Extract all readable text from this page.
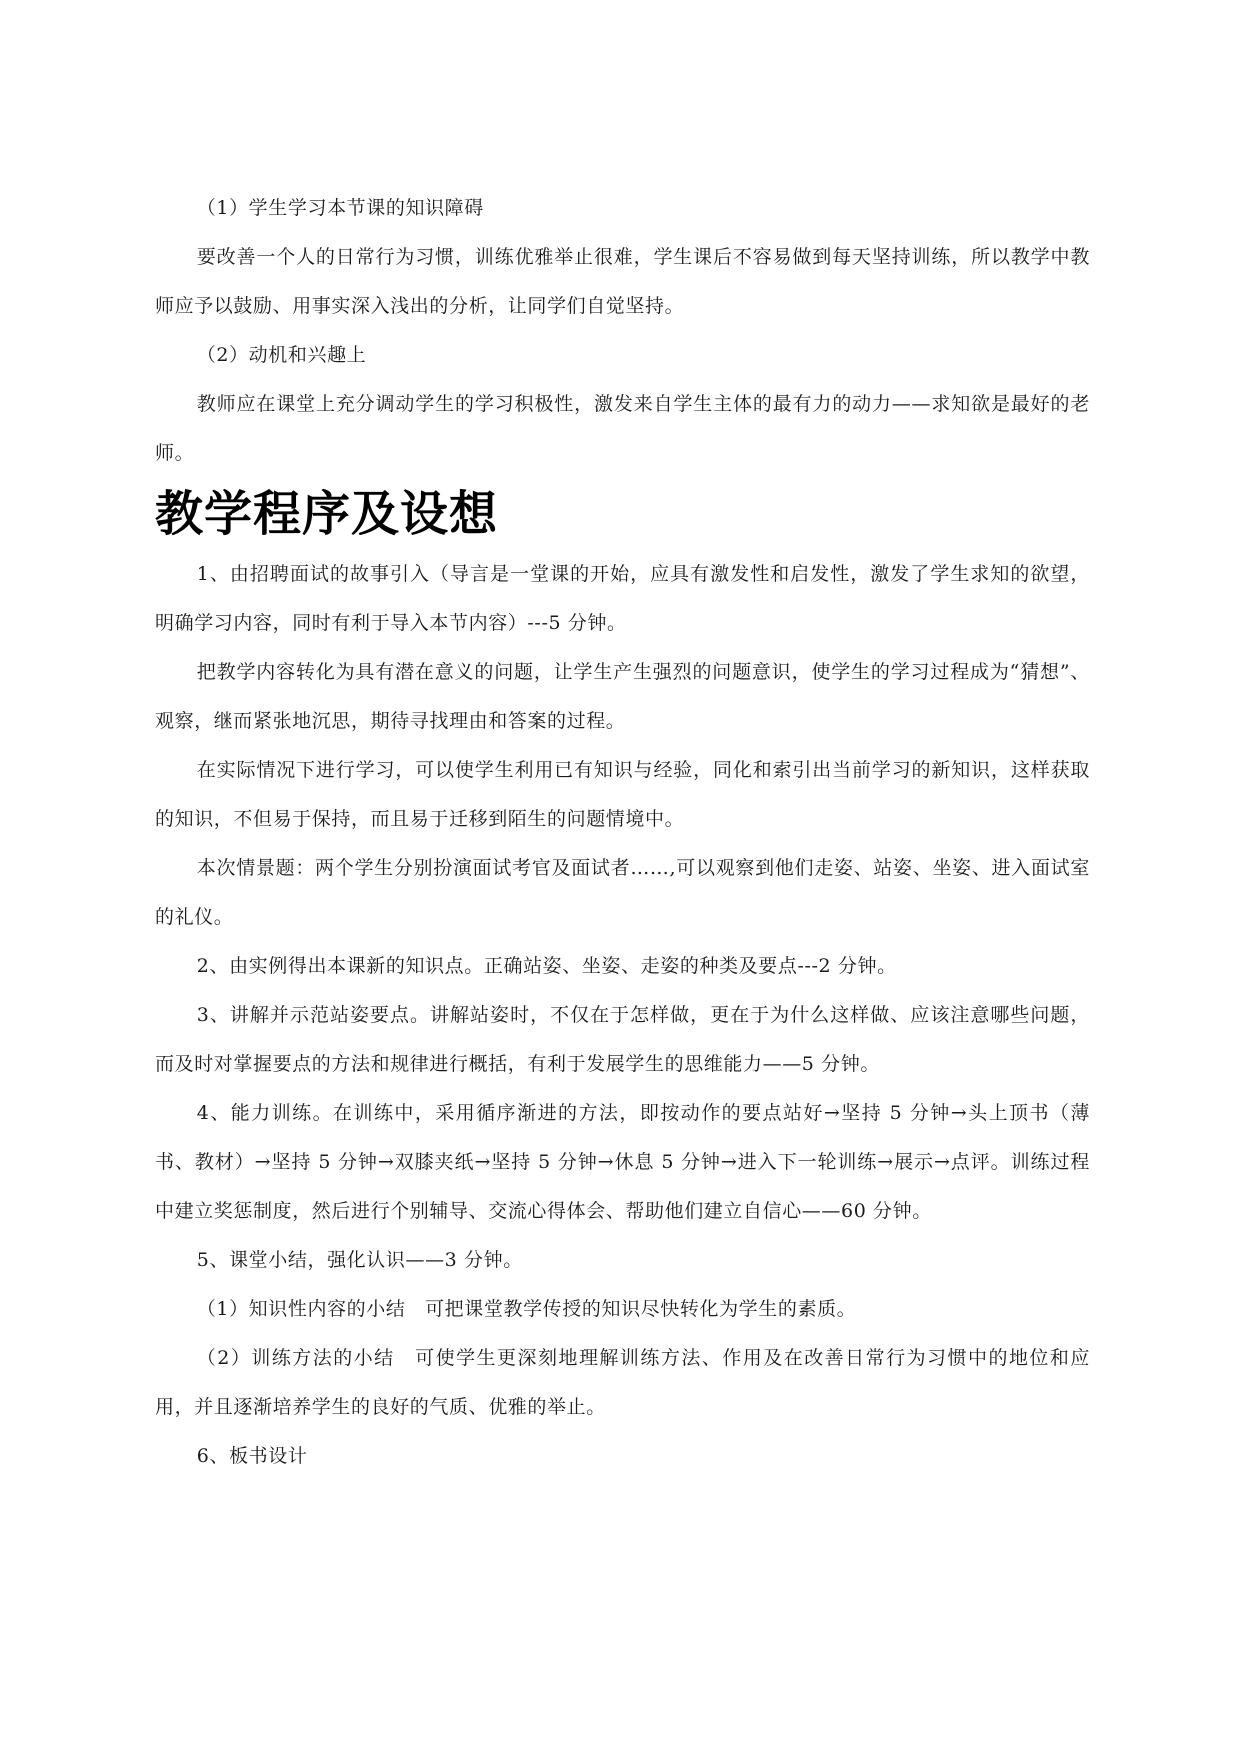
（1）学生学习本节课的知识障碍

要改善一个人的日常行为习惯，训练优雅举止很难，学生课后不容易做到每天坚持训练，所以教学中教师应予以鼓励、用事实深入浅出的分析，让同学们自觉坚持。

（2）动机和兴趣上

教师应在课堂上充分调动学生的学习积极性，激发来自学生主体的最有力的动力——求知欲是最好的老师。

教学程序及设想

1、由招聘面试的故事引入（导言是一堂课的开始，应具有激发性和启发性，激发了学生求知的欲望，明确学习内容，同时有利于导入本节内容）---5 分钟。

把教学内容转化为具有潜在意义的问题，让学生产生强烈的问题意识，使学生的学习过程成为“猜想”、观察，继而紧张地沉思，期待寻找理由和答案的过程。

在实际情况下进行学习，可以使学生利用已有知识与经验，同化和索引出当前学习的新知识，这样获取的知识，不但易于保持，而且易于迁移到陌生的问题情境中。

本次情景题：两个学生分别扮演面试考官及面试者……,可以观察到他们走姿、站姿、坐姿、进入面试室的礼仪。

2、由实例得出本课新的知识点。正确站姿、坐姿、走姿的种类及要点---2 分钟。

3、讲解并示范站姿要点。讲解站姿时，不仅在于怎样做，更在于为什么这样做、应该注意哪些问题，而及时对掌握要点的方法和规律进行概括，有利于发展学生的思维能力——5 分钟。

4、能力训练。在训练中，采用循序渐进的方法，即按动作的要点站好→坚持 5 分钟→头上顶书（薄书、教材）→坚持 5 分钟→双膝夹纸→坚持 5 分钟→休息 5 分钟→进入下一轮训练→展示→点评。训练过程中建立奖惩制度，然后进行个别辅导、交流心得体会、帮助他们建立自信心——60 分钟。

5、课堂小结，强化认识——3 分钟。

（1）知识性内容的小结　可把课堂教学传授的知识尽快转化为学生的素质。

（2）训练方法的小结　可使学生更深刻地理解训练方法、作用及在改善日常行为习惯中的地位和应用，并且逐渐培养学生的良好的气质、优雅的举止。

6、板书设计
